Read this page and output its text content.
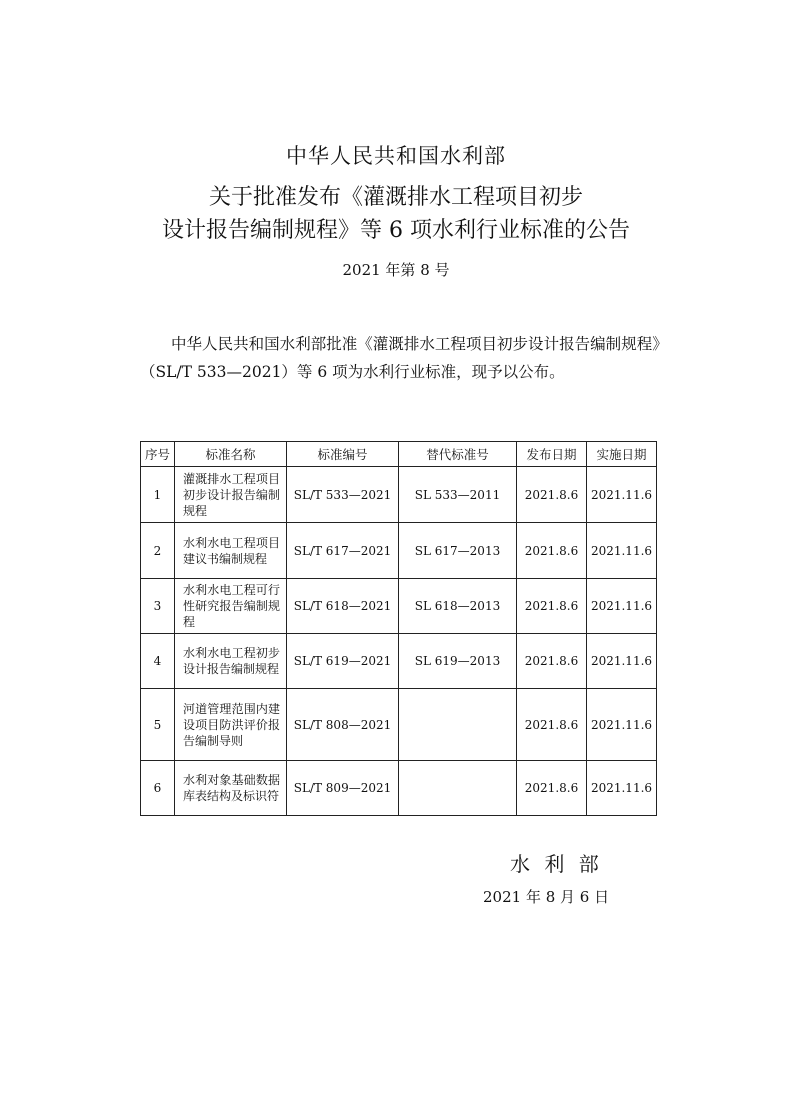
中华人民共和国水利部
关于批准发布《灌溉排水工程项目初步
设计报告编制规程》等 6 项水利行业标准的公告
2021 年第 8 号
中华人民共和国水利部批准《灌溉排水工程项目初步设计报告编制规程》（SL/T 533—2021）等 6 项为水利行业标准，现予以公布。
序号	标准名称	标准编号	替代标准号	发布日期	实施日期
1	灌溉排水工程项目初步设计报告编制规程	SL/T 533—2021	SL 533—2011	2021.8.6	2021.11.6
2	水利水电工程项目建议书编制规程	SL/T 617—2021	SL 617—2013	2021.8.6	2021.11.6
3	水利水电工程可行性研究报告编制规程	SL/T 618—2021	SL 618—2013	2021.8.6	2021.11.6
4	水利水电工程初步设计报告编制规程	SL/T 619—2021	SL 619—2013	2021.8.6	2021.11.6
5	河道管理范围内建设项目防洪评价报告编制导则	SL/T 808—2021		2021.8.6	2021.11.6
6	水利对象基础数据库表结构及标识符	SL/T 809—2021		2021.8.6	2021.11.6
水 利 部
2021 年 8 月 6 日
